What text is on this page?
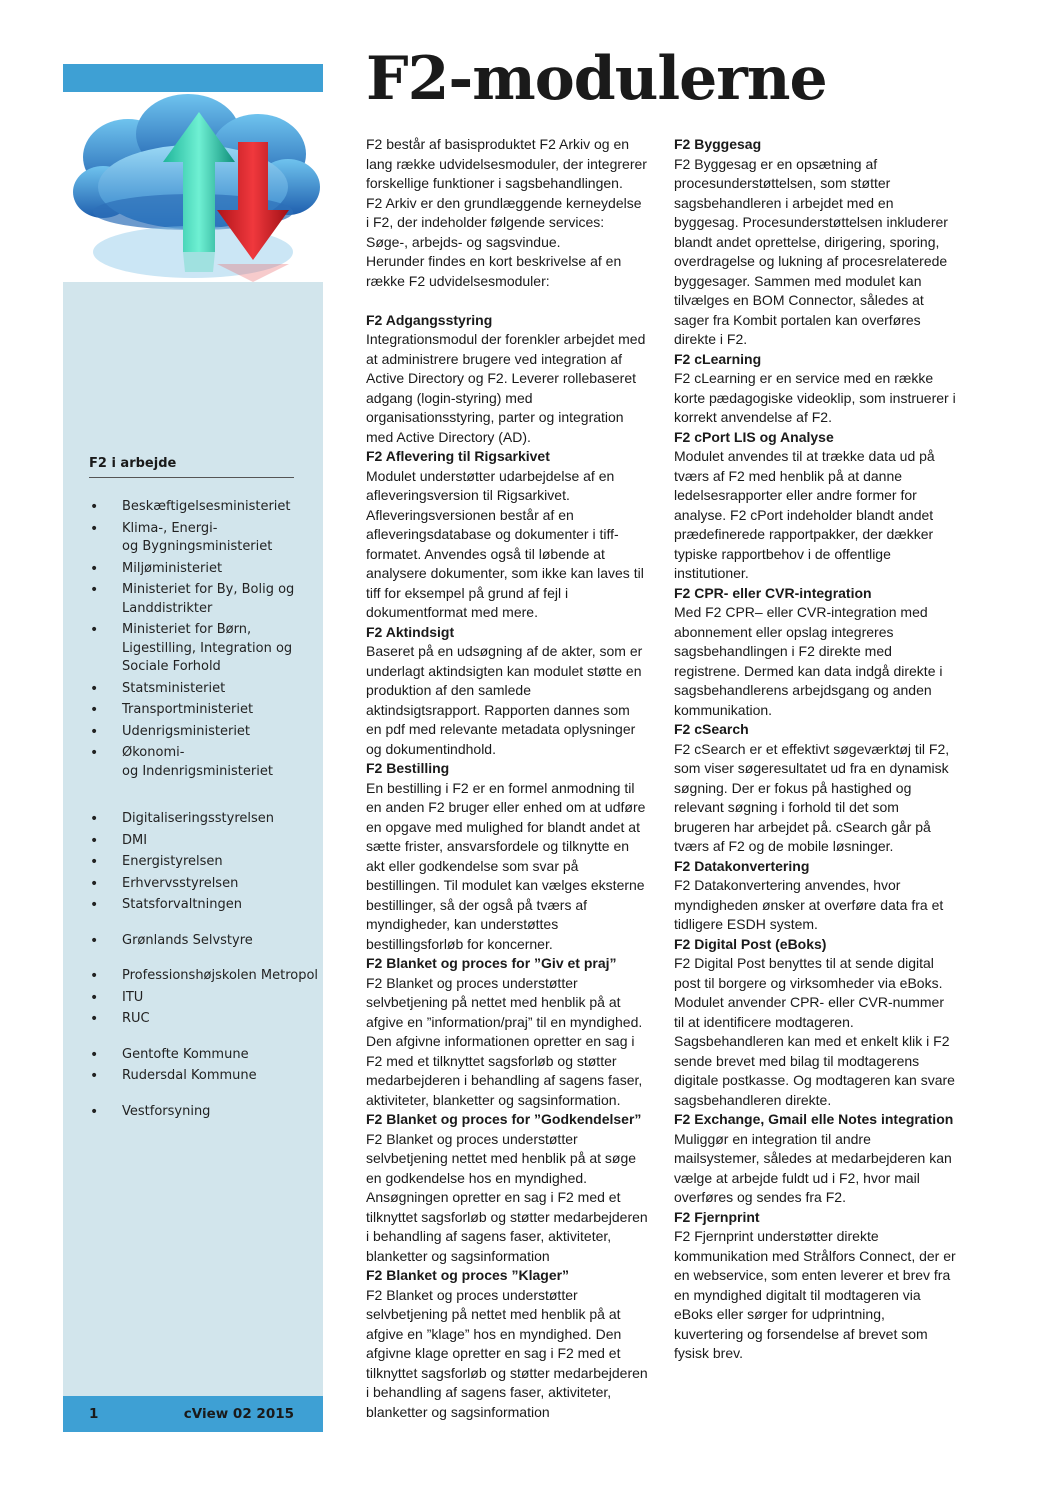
F2 i arbejde
• Beskæftigelsesministeriet
• Klima-, Energi-
og Bygningsministeriet
• Miljøministeriet
• Ministeriet for By, Bolig og Landdistrikter
• Ministeriet for Børn, Ligestilling, Integration og Sociale Forhold
• Statsministeriet
• Transportministeriet
• Udenrigsministeriet
• Økonomi-
og Indenrigsministeriet
• Digitaliseringsstyrelsen
• DMI
• Energistyrelsen
• Erhvervsstyrelsen
• Statsforvaltningen
• Grønlands Selvstyre
• Professionshøjskolen Metropol
• ITU
• RUC
• Gentofte Kommune
• Rudersdal Kommune
• Vestforsyning
1	cView 02 2015
F2-modulerne

F2 består af basisproduktet F2 Arkiv og en lang række udvidelsesmoduler, der integrerer forskellige funktioner i sagsbehandlingen.

F2 Arkiv er den grundlæggende kerneydelse i F2, der indeholder følgende services: Søge-, arbejds- og sagsvindue.

Herunder findes en kort beskrivelse af en række F2 udvidelsesmoduler:

F2 Adgangsstyring

Integrationsmodul der forenkler arbejdet med at administrere brugere ved integration af Active Directory og F2. Leverer rollebaseret adgang (login-styring) med organisationsstyring, parter og integration med Active Directory (AD).

F2 Aflevering til Rigsarkivet

Modulet understøtter udarbejdelse af en afleveringsversion til Rigsarkivet. Afleveringsversionen består af en afleveringsdatabase og dokumenter i tiff-formatet. Anvendes også til løbende at analysere dokumenter, som ikke kan laves til tiff for eksempel på grund af fejl i dokumentformat med mere.

F2 Aktindsigt

Baseret på en udsøgning af de akter, som er underlagt aktindsigten kan modulet støtte en produktion af den samlede aktindsigtsrapport. Rapporten dannes som en pdf med relevante metadata oplysninger og dokumentindhold.

F2 Bestilling

En bestilling i F2 er en formel anmodning til en anden F2 bruger eller enhed om at udføre en opgave med mulighed for blandt andet at sætte frister, ansvarsfordele og tilknytte en akt eller godkendelse som svar på bestillingen. Til modulet kan vælges eksterne bestillinger, så der også på tværs af myndigheder, kan understøttes bestillingsforløb for koncerner.

F2 Blanket og proces for ”Giv et praj”

F2 Blanket og proces understøtter selvbetjening på nettet med henblik på at afgive en ”information/praj” til en myndighed. Den afgivne informationen opretter en sag i F2 med et tilknyttet sagsforløb og støtter medarbejderen i behandling af sagens faser, aktiviteter, blanketter og sagsinformation.

F2 Blanket og proces for ”Godkendelser”

F2 Blanket og proces understøtter selvbetjening nettet med henblik på at søge en godkendelse hos en myndighed. Ansøgningen opretter en sag i F2 med et tilknyttet sagsforløb og støtter medarbejderen i behandling af sagens faser, aktiviteter, blanketter og sagsinformation

F2 Blanket og proces ”Klager”

F2 Blanket og proces understøtter selvbetjening på nettet med henblik på at afgive en ”klage” hos en myndighed. Den afgivne klage opretter en sag i F2 med et tilknyttet sagsforløb og støtter medarbejderen i behandling af sagens faser, aktiviteter, blanketter og sagsinformation

F2 Byggesag

F2 Byggesag er en opsætning af procesunderstøttelsen, som støtter sagsbehandleren i arbejdet med en byggesag. Procesunderstøttelsen inkluderer blandt andet oprettelse, dirigering, sporing, overdragelse og lukning af procesrelaterede byggesager. Sammen med modulet kan tilvælges en BOM Connector, således at sager fra Kombit portalen kan overføres direkte i F2.

F2 cLearning

F2 cLearning er en service med en række korte pædagogiske videoklip, som instruerer i korrekt anvendelse af F2.

F2 cPort LIS og Analyse

Modulet anvendes til at trække data ud på tværs af F2 med henblik på at danne ledelsesrapporter eller andre former for analyse. F2 cPort indeholder blandt andet prædefinerede rapportpakker, der dækker typiske rapportbehov i de offentlige institutioner.

F2 CPR- eller CVR-integration

Med F2 CPR– eller CVR-integration med abonnement eller opslag integreres sagsbehandlingen i F2 direkte med registrene. Dermed kan data indgå direkte i sagsbehandlerens arbejdsgang og anden kommunikation.

F2 cSearch

F2 cSearch er et effektivt søgeværktøj til F2, som viser søgeresultatet ud fra en dynamisk søgning. Der er fokus på hastighed og relevant søgning i forhold til det som brugeren har arbejdet på. cSearch går på tværs af F2 og de mobile løsninger.

F2 Datakonvertering

F2 Datakonvertering anvendes, hvor myndigheden ønsker at overføre data fra et tidligere ESDH system.

F2 Digital Post (eBoks)

F2 Digital Post benyttes til at sende digital post til borgere og virksomheder via eBoks. Modulet anvender CPR- eller CVR-nummer til at identificere modtageren. Sagsbehandleren kan med et enkelt klik i F2 sende brevet med bilag til modtagerens digitale postkasse. Og modtageren kan svare sagsbehandleren direkte.

F2 Exchange, Gmail elle Notes integration

Muliggør en integration til andre mailsystemer, således at medarbejderen kan vælge at arbejde fuldt ud i F2, hvor mail overføres og sendes fra F2.

F2 Fjernprint

F2 Fjernprint understøtter direkte kommunikation med Strålfors Connect, der er en webservice, som enten leverer et brev fra en myndighed digitalt til modtageren via eBoks eller sørger for udprintning, kuvertering og forsendelse af brevet som fysisk brev.
